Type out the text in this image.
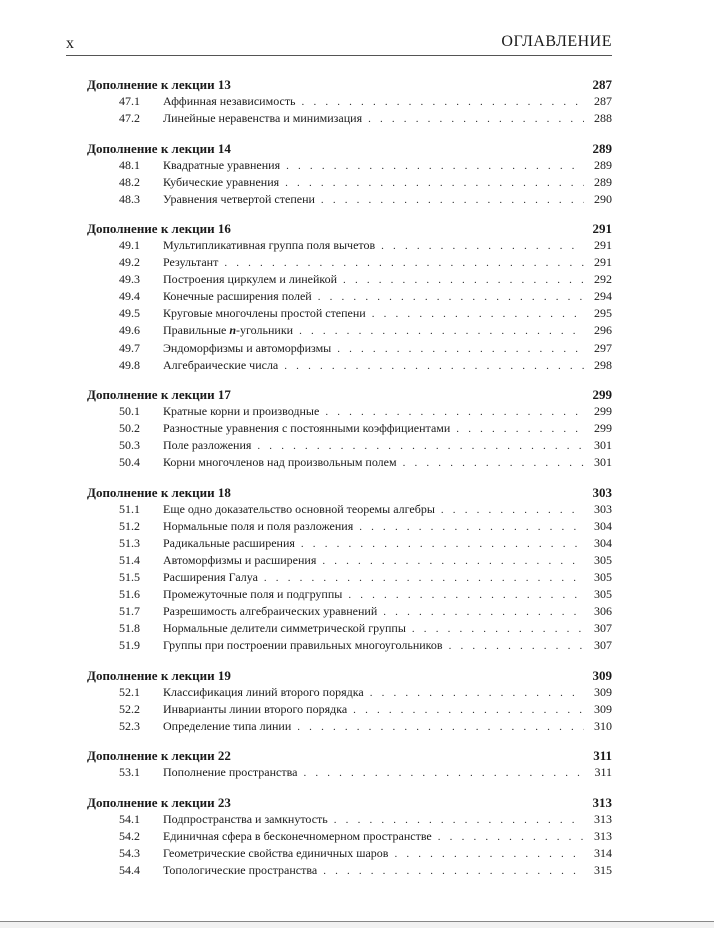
x	ОГЛАВЛЕНИЕ
Дополнение к лекции 13	287
47.1	Аффинная независимость . . .	287
47.2	Линейные неравенства и минимизация . . .	288
Дополнение к лекции 14	289
48.1	Квадратные уравнения . . .	289
48.2	Кубические уравнения . . .	289
48.3	Уравнения четвертой степени . . .	290
Дополнение к лекции 16	291
49.1	Мультипликативная группа поля вычетов . . .	291
49.2	Результант . . .	291
49.3	Построения циркулем и линейкой . . .	292
49.4	Конечные расширения полей . . .	294
49.5	Круговые многочлены простой степени . . .	295
49.6	Правильные n-угольники . . .	296
49.7	Эндоморфизмы и автоморфизмы . . .	297
49.8	Алгебраические числа . . .	298
Дополнение к лекции 17	299
50.1	Кратные корни и производные . . .	299
50.2	Разностные уравнения с постоянными коэффициентами . . .	299
50.3	Поле разложения . . .	301
50.4	Корни многочленов над произвольным полем . . .	301
Дополнение к лекции 18	303
51.1	Еще одно доказательство основной теоремы алгебры . . .	303
51.2	Нормальные поля и поля разложения . . .	304
51.3	Радикальные расширения . . .	304
51.4	Автоморфизмы и расширения . . .	305
51.5	Расширения Галуа . . .	305
51.6	Промежуточные поля и подгруппы . . .	305
51.7	Разрешимость алгебраических уравнений . . .	306
51.8	Нормальные делители симметрической группы . . .	307
51.9	Группы при построении правильных многоугольников . . .	307
Дополнение к лекции 19	309
52.1	Классификация линий второго порядка . . .	309
52.2	Инварианты линии второго порядка . . .	309
52.3	Определение типа линии . . .	310
Дополнение к лекции 22	311
53.1	Пополнение пространства . . .	311
Дополнение к лекции 23	313
54.1	Подпространства и замкнутость . . .	313
54.2	Единичная сфера в бесконечномерном пространстве . . .	313
54.3	Геометрические свойства единичных шаров . . .	314
54.4	Топологические пространства . . .	315
